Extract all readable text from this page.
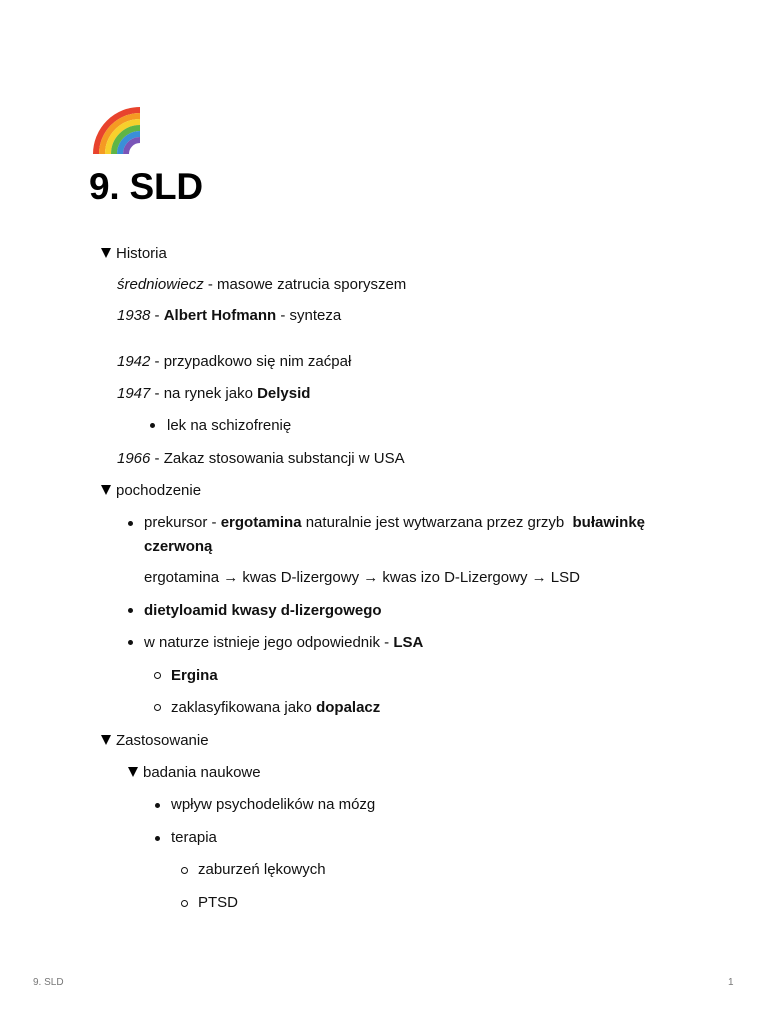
9. SLD
Historia
średniowiecz - masowe zatrucia sporyszem
1938 - Albert Hofmann - synteza
1942 - przypadkowo się nim zaćpał
1947 - na rynek jako Delysid
lek na schizofrenię
1966 - Zakaz stosowania substancji w USA
pochodzenie
prekursor - ergotamina naturalnie jest wytwarzana przez grzyb  buławinkę
czerwoną
ergotamina → kwas D-lizergowy → kwas izo D-Lizergowy → LSD
dietyloamid kwasy d-lizergowego
w naturze istnieje jego odpowiednik - LSA
Ergina
zaklasyfikowana jako dopalacz
Zastosowanie
badania naukowe
wpływ psychodelików na mózg
terapia
zaburzeń lękowych
PTSD
9. SLD	1
